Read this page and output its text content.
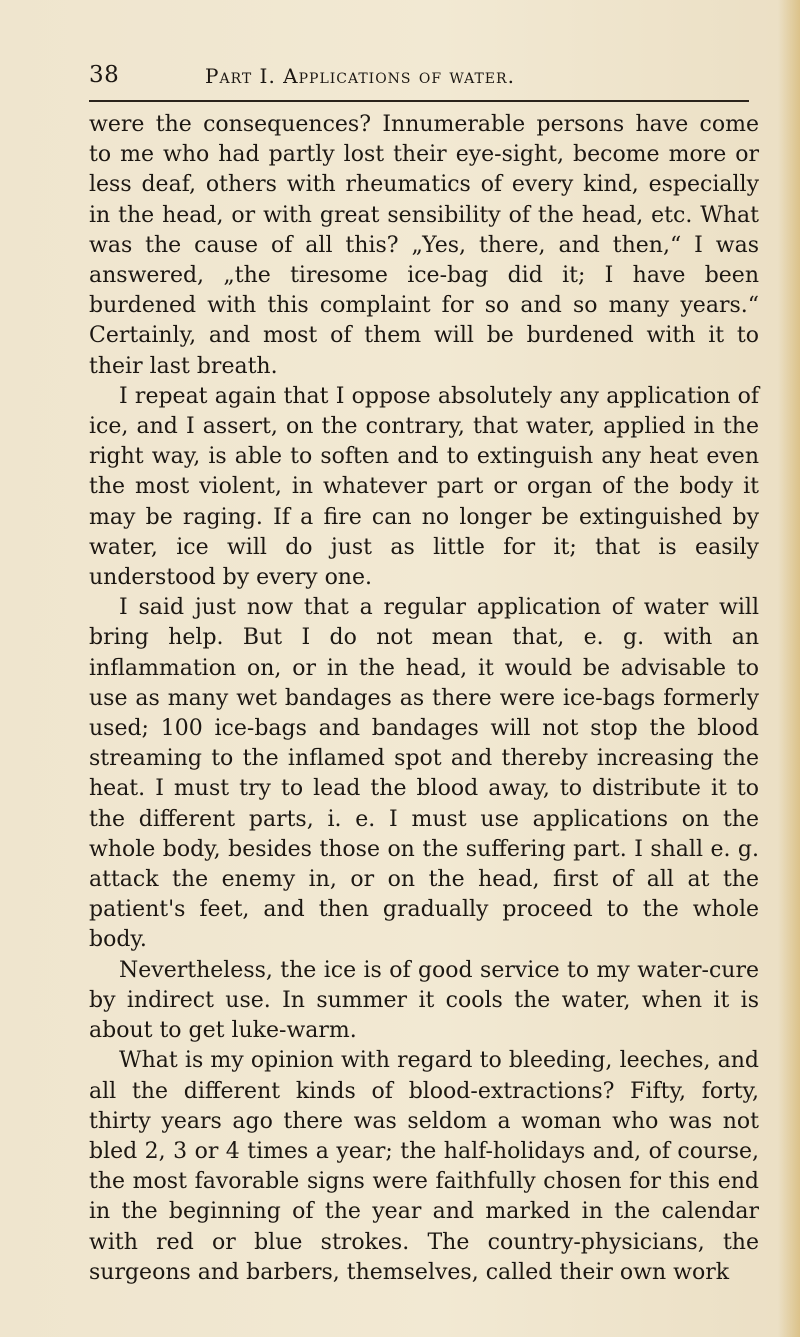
38	Part I. Applications of water.

were the consequences? Innumerable persons have come to me who had partly lost their eye-sight, become more or less deaf, others with rheumatics of every kind, especially in the head, or with great sensibility of the head, etc. What was the cause of all this? „Yes, there, and then,“ I was answered, „the tiresome ice-bag did it; I have been burdened with this complaint for so and so many years.“ Certainly, and most of them will be burdened with it to their last breath.

I repeat again that I oppose absolutely any application of ice, and I assert, on the contrary, that water, applied in the right way, is able to soften and to extinguish any heat even the most violent, in whatever part or organ of the body it may be raging. If a fire can no longer be extinguished by water, ice will do just as little for it; that is easily understood by every one.

I said just now that a regular application of water will bring help. But I do not mean that, e. g. with an inflammation on, or in the head, it would be advisable to use as many wet bandages as there were ice-bags formerly used; 100 ice-bags and bandages will not stop the blood streaming to the inflamed spot and thereby increasing the heat. I must try to lead the blood away, to distribute it to the different parts, i. e. I must use applications on the whole body, besides those on the suffering part. I shall e. g. attack the enemy in, or on the head, first of all at the patient's feet, and then gradually proceed to the whole body.

Nevertheless, the ice is of good service to my water-cure by indirect use. In summer it cools the water, when it is about to get luke-warm.

What is my opinion with regard to bleeding, leeches, and all the different kinds of blood-extractions? Fifty, forty, thirty years ago there was seldom a woman who was not bled 2, 3 or 4 times a year; the half-holidays and, of course, the most favorable signs were faithfully chosen for this end in the beginning of the year and marked in the calendar with red or blue strokes. The country-physicians, the surgeons and barbers, themselves, called their own work
